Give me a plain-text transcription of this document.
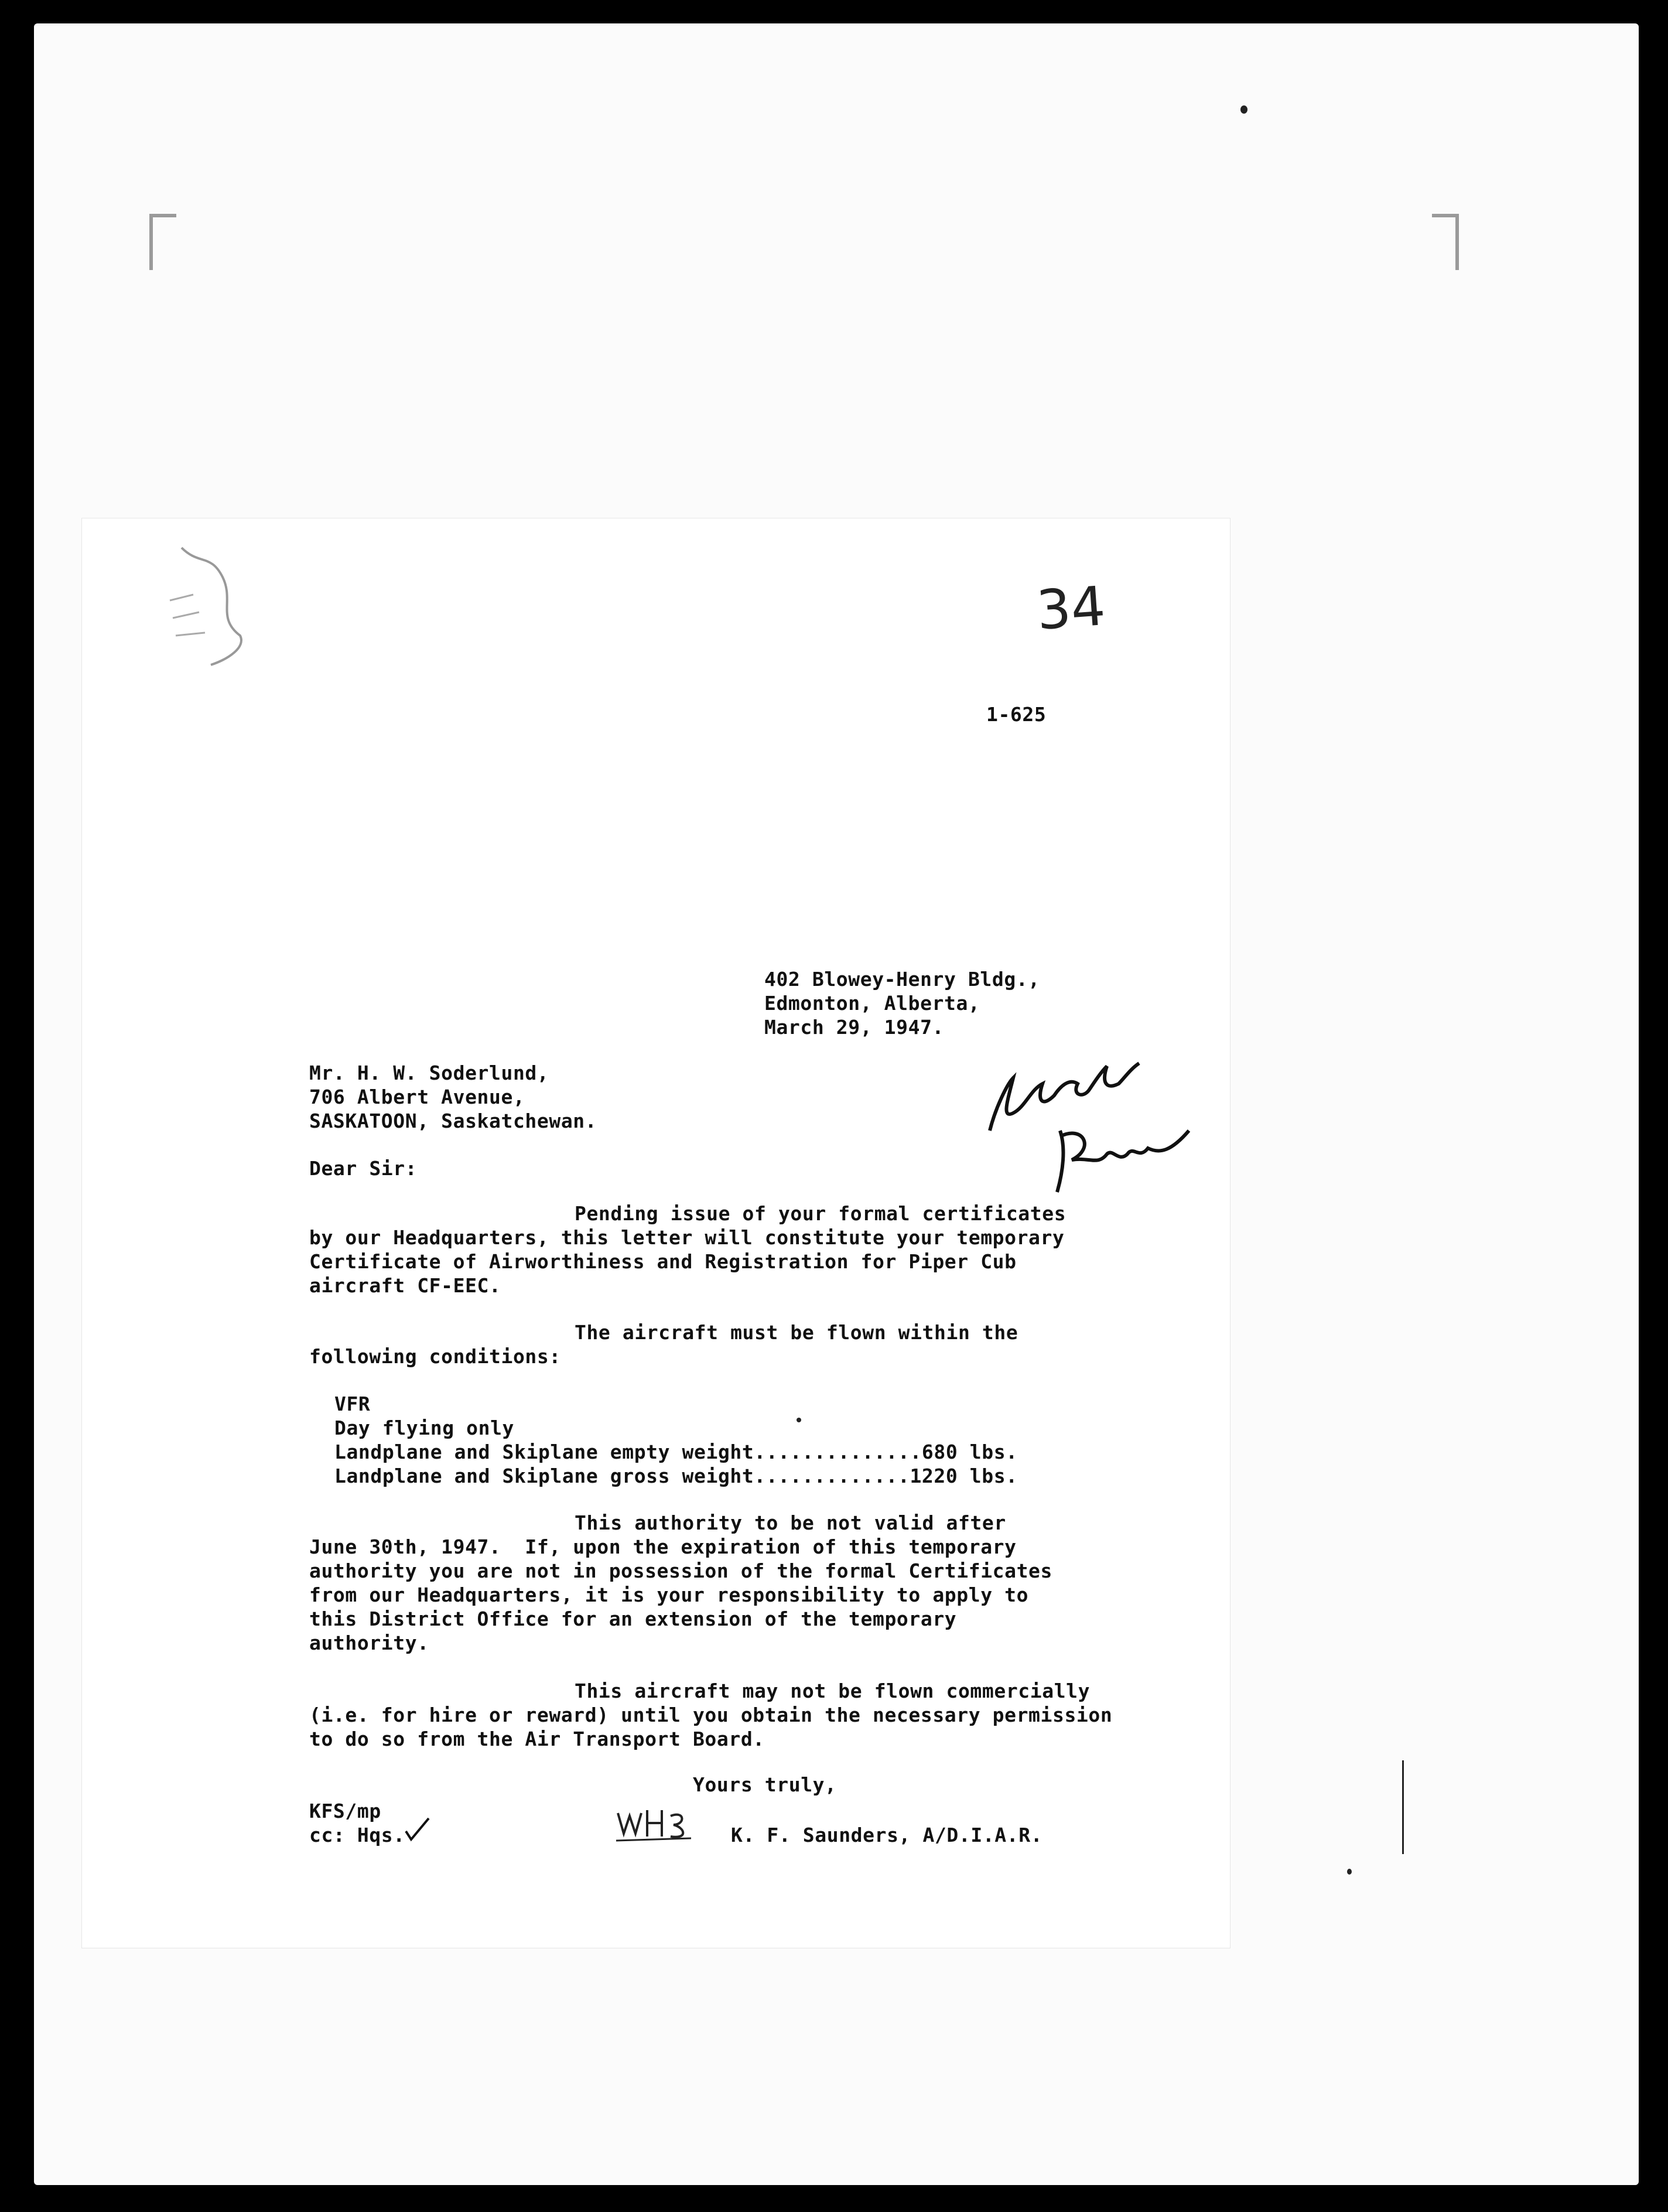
34
1-625
402 Blowey-Henry Bldg.,
Edmonton, Alberta,
March 29, 1947.
Mr. H. W. Soderlund,
706 Albert Avenue,
SASKATOON, Saskatchewan.
Dear Sir:
Pending issue of your formal certificates
by our Headquarters, this letter will constitute your temporary
Certificate of Airworthiness and Registration for Piper Cub
aircraft CF-EEC.
The aircraft must be flown within the
following conditions:
VFR
Day flying only
Landplane and Skiplane empty weight..............680 lbs.
Landplane and Skiplane gross weight.............1220 lbs.
This authority to be not valid after
June 30th, 1947.  If, upon the expiration of this temporary
authority you are not in possession of the formal Certificates
from our Headquarters, it is your responsibility to apply to
this District Office for an extension of the temporary
authority.
This aircraft may not be flown commercially
(i.e. for hire or reward) until you obtain the necessary permission
to do so from the Air Transport Board.
Yours truly,
KFS/mp
cc: Hqs.	K. F. Saunders, A/D.I.A.R.
